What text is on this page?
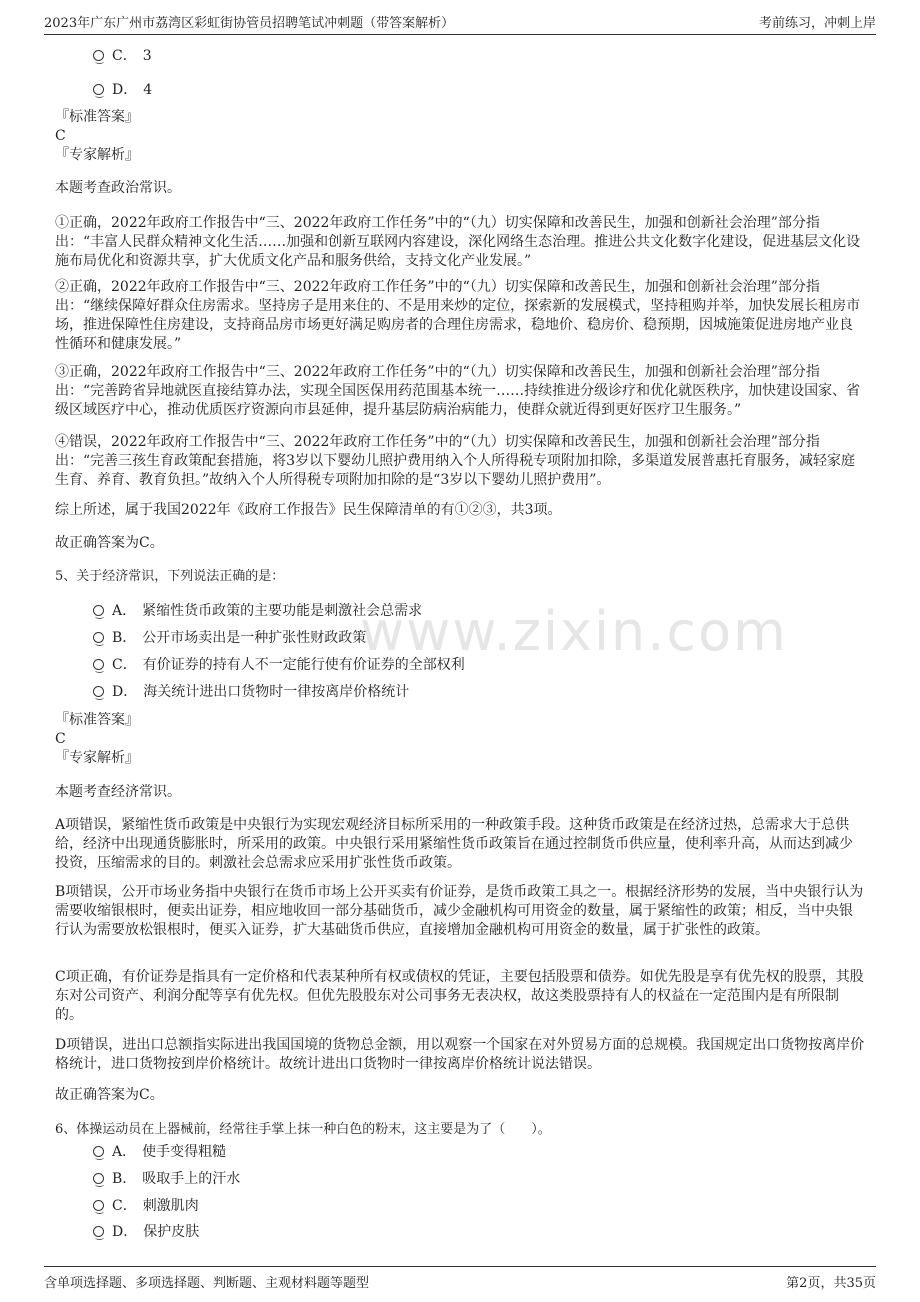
2023年广东广州市荔湾区彩虹街协管员招聘笔试冲刺题（带答案解析）	考前练习，冲刺上岸
www.zixin.com
C． 3
D． 4
『标准答案』
C
『专家解析』

本题考查政治常识。

①正确，2022年政府工作报告中“三、2022年政府工作任务”中的“（九）切实保障和改善民生，加强和创新社会治理”部分指出：“丰富人民群众精神文化生活……加强和创新互联网内容建设，深化网络生态治理。推进公共文化数字化建设，促进基层文化设施布局优化和资源共享，扩大优质文化产品和服务供给，支持文化产业发展。”

②正确，2022年政府工作报告中“三、2022年政府工作任务”中的“（九）切实保障和改善民生，加强和创新社会治理”部分指出：“继续保障好群众住房需求。坚持房子是用来住的、不是用来炒的定位，探索新的发展模式，坚持租购并举，加快发展长租房市场，推进保障性住房建设，支持商品房市场更好满足购房者的合理住房需求，稳地价、稳房价、稳预期，因城施策促进房地产业良性循环和健康发展。”

③正确，2022年政府工作报告中“三、2022年政府工作任务”中的“（九）切实保障和改善民生，加强和创新社会治理”部分指出：“完善跨省异地就医直接结算办法，实现全国医保用药范围基本统一……持续推进分级诊疗和优化就医秩序，加快建设国家、省级区域医疗中心，推动优质医疗资源向市县延伸，提升基层防病治病能力，使群众就近得到更好医疗卫生服务。”

④错误，2022年政府工作报告中“三、2022年政府工作任务”中的“（九）切实保障和改善民生，加强和创新社会治理”部分指出：“完善三孩生育政策配套措施，将3岁以下婴幼儿照护费用纳入个人所得税专项附加扣除，多渠道发展普惠托育服务，减轻家庭生育、养育、教育负担。”故纳入个人所得税专项附加扣除的是“3岁以下婴幼儿照护费用”。

综上所述，属于我国2022年《政府工作报告》民生保障清单的有①②③，共3项。

故正确答案为C。

5、关于经济常识，下列说法正确的是：
A． 紧缩性货币政策的主要功能是刺激社会总需求
B． 公开市场卖出是一种扩张性财政政策
C． 有价证券的持有人不一定能行使有价证券的全部权利
D． 海关统计进出口货物时一律按离岸价格统计
『标准答案』
C
『专家解析』

本题考查经济常识。

A项错误，紧缩性货币政策是中央银行为实现宏观经济目标所采用的一种政策手段。这种货币政策是在经济过热，总需求大于总供给，经济中出现通货膨胀时，所采用的政策。中央银行采用紧缩性货币政策旨在通过控制货币供应量，使利率升高，从而达到减少投资，压缩需求的目的。刺激社会总需求应采用扩张性货币政策。

B项错误，公开市场业务指中央银行在货币市场上公开买卖有价证券，是货币政策工具之一。根据经济形势的发展，当中央银行认为需要收缩银根时，便卖出证券，相应地收回一部分基础货币，减少金融机构可用资金的数量，属于紧缩性的政策；相反，当中央银行认为需要放松银根时，便买入证券，扩大基础货币供应，直接增加金融机构可用资金的数量，属于扩张性的政策。

C项正确，有价证券是指具有一定价格和代表某种所有权或债权的凭证，主要包括股票和债券。如优先股是享有优先权的股票，其股东对公司资产、利润分配等享有优先权。但优先股股东对公司事务无表决权，故这类股票持有人的权益在一定范围内是有所限制的。

D项错误，进出口总额指实际进出我国国境的货物总金额，用以观察一个国家在对外贸易方面的总规模。我国规定出口货物按离岸价格统计，进口货物按到岸价格统计。故统计进出口货物时一律按离岸价格统计说法错误。

故正确答案为C。

6、体操运动员在上器械前，经常往手掌上抹一种白色的粉末，这主要是为了（　　）。
A． 使手变得粗糙
B． 吸取手上的汗水
C． 刺激肌肉
D． 保护皮肤
含单项选择题、多项选择题、判断题、主观材料题等题型	第2页，共35页
